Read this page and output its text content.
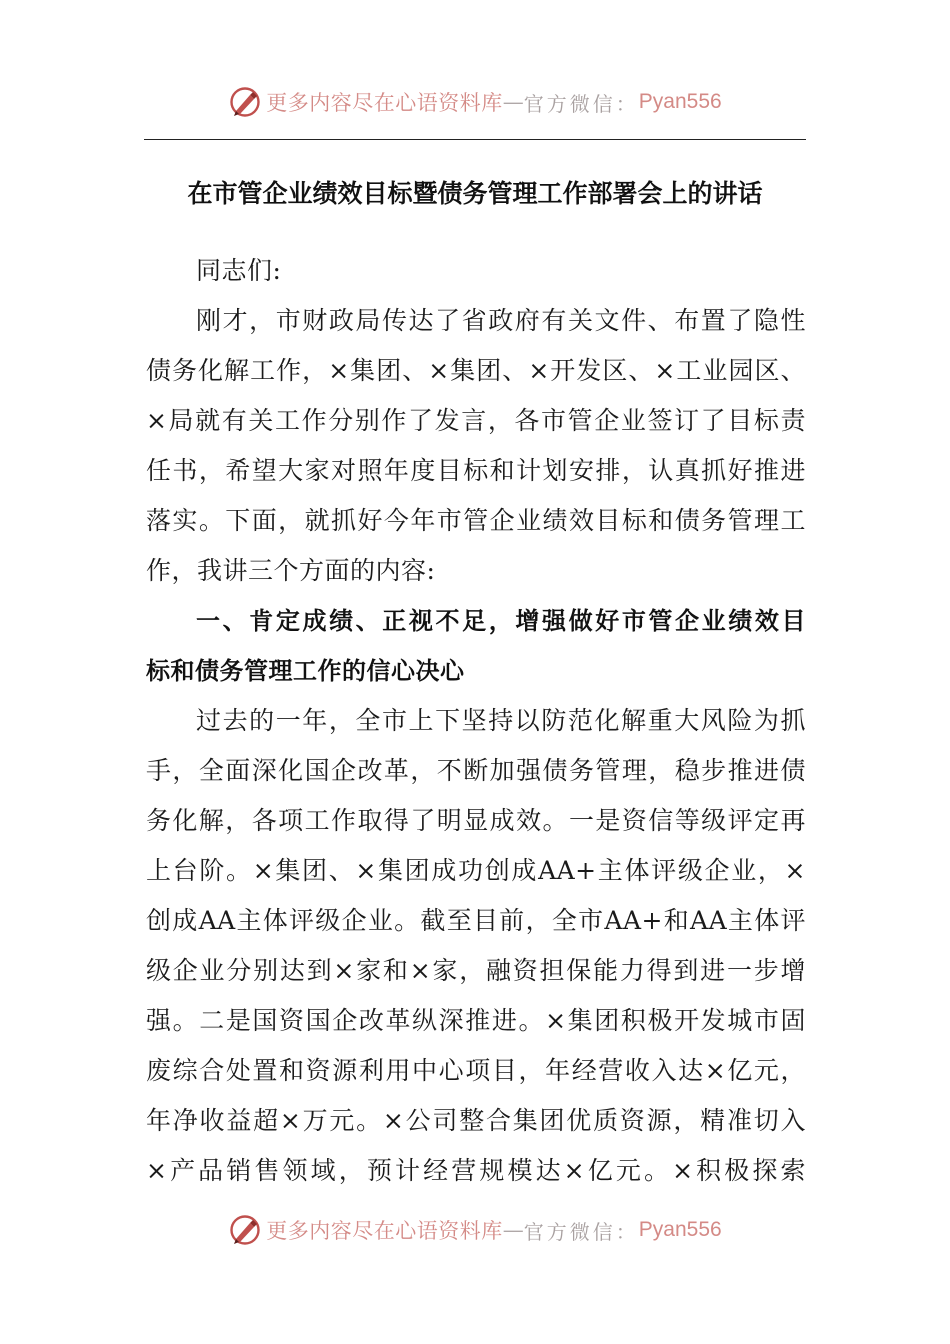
更多内容尽在心语资料库 — 官方微信： Pyan556
在市管企业绩效目标暨债务管理工作部署会上的讲话
同志们:
刚才，市财政局传达了省政府有关文件、布置了隐性
债务化解工作，×集团、×集团、×开发区、×工业园区、
×局就有关工作分别作了发言，各市管企业签订了目标责
任书，希望大家对照年度目标和计划安排，认真抓好推进
落实。下面，就抓好今年市管企业绩效目标和债务管理工
作，我讲三个方面的内容:
一、肯定成绩、正视不足，增强做好市管企业绩效目
标和债务管理工作的信心决心
过去的一年，全市上下坚持以防范化解重大风险为抓
手，全面深化国企改革，不断加强债务管理，稳步推进债
务化解，各项工作取得了明显成效。一是资信等级评定再
上台阶。×集团、×集团成功创成AA+主体评级企业，×
创成AA主体评级企业。截至目前，全市AA+和AA主体评
级企业分别达到×家和×家，融资担保能力得到进一步增
强。二是国资国企改革纵深推进。×集团积极开发城市固
废综合处置和资源利用中心项目，年经营收入达×亿元，
年净收益超×万元。×公司整合集团优质资源，精准切入
×产品销售领域，预计经营规模达×亿元。×积极探索
更多内容尽在心语资料库 — 官方微信： Pyan556
